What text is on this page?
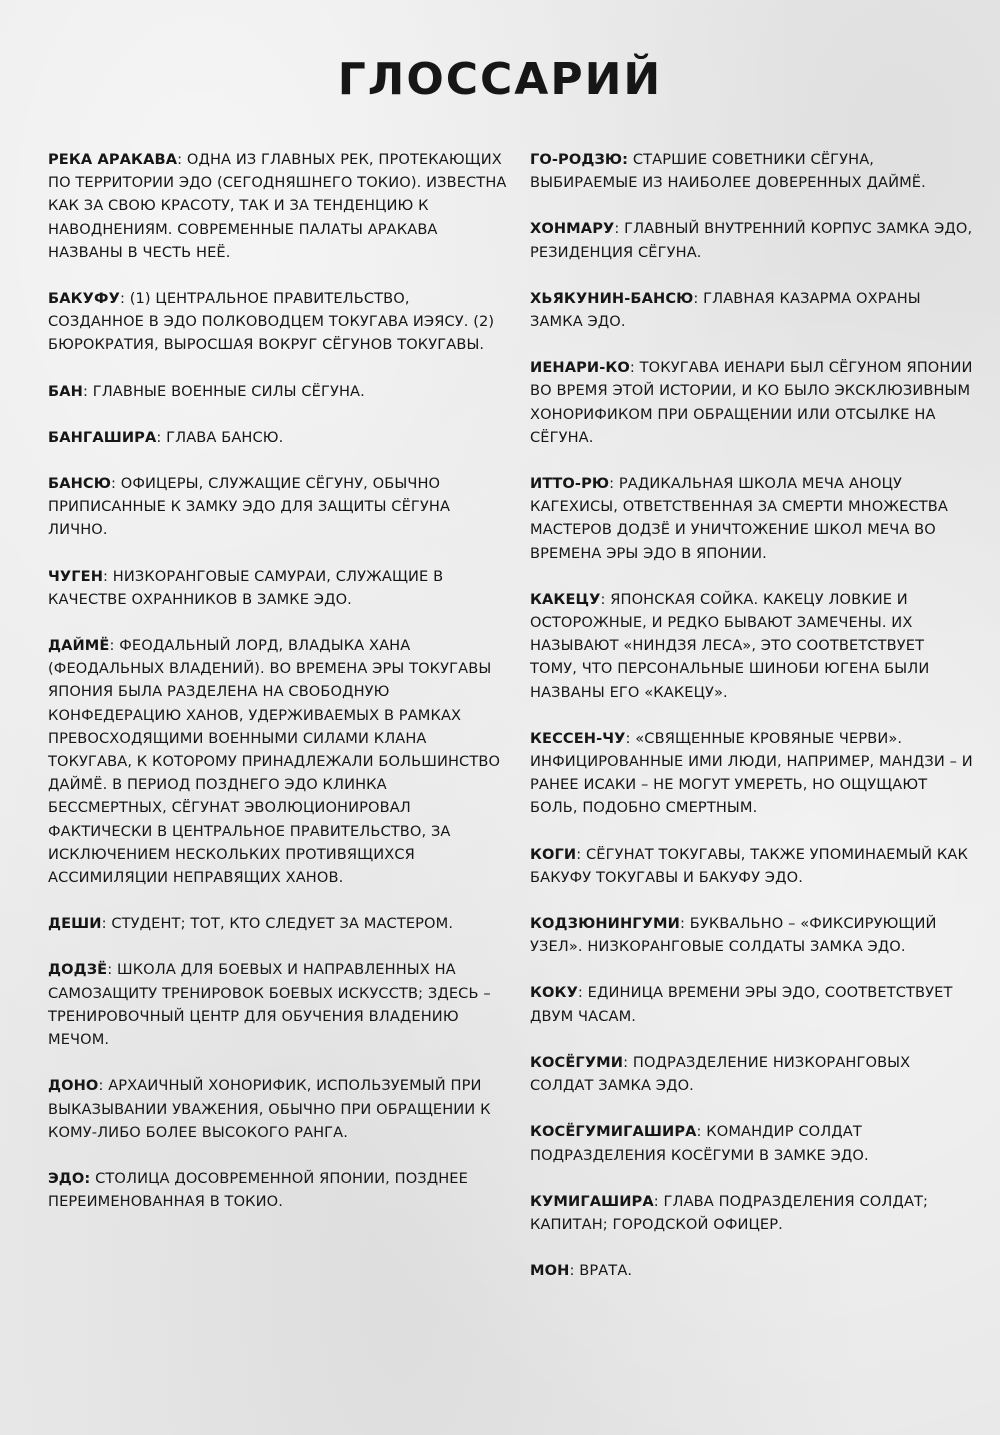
ГЛОССАРИЙ

РЕКА АРАКАВА: ОДНА ИЗ ГЛАВНЫХ РЕК, ПРОТЕКАЮЩИХ ПО ТЕРРИТОРИИ ЭДО (СЕГОДНЯШНЕГО ТОКИО). ИЗВЕСТНА КАК ЗА СВОЮ КРАСОТУ, ТАК И ЗА ТЕНДЕНЦИЮ К НАВОДНЕНИЯМ. СОВРЕМЕННЫЕ ПАЛАТЫ АРАКАВА НАЗВАНЫ В ЧЕСТЬ НЕЁ.

БАКУФУ: (1) ЦЕНТРАЛЬНОЕ ПРАВИТЕЛЬСТВО, СОЗДАННОЕ В ЭДО ПОЛКОВОДЦЕМ ТОКУГАВА ИЭЯСУ. (2) БЮРОКРАТИЯ, ВЫРОСШАЯ ВОКРУГ СЁГУНОВ ТОКУГАВЫ.

БАН: ГЛАВНЫЕ ВОЕННЫЕ СИЛЫ СЁГУНА.

БАНГАШИРА: ГЛАВА БАНСЮ.

БАНСЮ: ОФИЦЕРЫ, СЛУЖАЩИЕ СЁГУНУ, ОБЫЧНО ПРИПИСАННЫЕ К ЗАМКУ ЭДО ДЛЯ ЗАЩИТЫ СЁГУНА ЛИЧНО.

ЧУГЕН: НИЗКОРАНГОВЫЕ САМУРАИ, СЛУЖАЩИЕ В КАЧЕСТВЕ ОХРАННИКОВ В ЗАМКЕ ЭДО.

ДАЙМЁ: ФЕОДАЛЬНЫЙ ЛОРД, ВЛАДЫКА ХАНА (ФЕОДАЛЬНЫХ ВЛАДЕНИЙ). ВО ВРЕМЕНА ЭРЫ ТОКУГАВЫ ЯПОНИЯ БЫЛА РАЗДЕЛЕНА НА СВОБОДНУЮ КОНФЕДЕРАЦИЮ ХАНОВ, УДЕРЖИВАЕМЫХ В РАМКАХ ПРЕВОСХОДЯЩИМИ ВОЕННЫМИ СИЛАМИ КЛАНА ТОКУГАВА, К КОТОРОМУ ПРИНАДЛЕЖАЛИ БОЛЬШИНСТВО ДАЙМЁ. В ПЕРИОД ПОЗДНЕГО ЭДО КЛИНКА БЕССМЕРТНЫХ, СЁГУНАТ ЭВОЛЮЦИОНИРОВАЛ ФАКТИЧЕСКИ В ЦЕНТРАЛЬНОЕ ПРАВИТЕЛЬСТВО, ЗА ИСКЛЮЧЕНИЕМ НЕСКОЛЬКИХ ПРОТИВЯЩИХСЯ АССИМИЛЯЦИИ НЕПРАВЯЩИХ ХАНОВ.

ДЕШИ: СТУДЕНТ; ТОТ, КТО СЛЕДУЕТ ЗА МАСТЕРОМ.

ДОДЗЁ: ШКОЛА ДЛЯ БОЕВЫХ И НАПРАВЛЕННЫХ НА САМОЗАЩИТУ ТРЕНИРОВОК БОЕВЫХ ИСКУССТВ; ЗДЕСЬ – ТРЕНИРОВОЧНЫЙ ЦЕНТР ДЛЯ ОБУЧЕНИЯ ВЛАДЕНИЮ МЕЧОМ.

ДОНО: АРХАИЧНЫЙ ХОНОРИФИК, ИСПОЛЬЗУЕМЫЙ ПРИ ВЫКАЗЫВАНИИ УВАЖЕНИЯ, ОБЫЧНО ПРИ ОБРАЩЕНИИ К КОМУ-ЛИБО БОЛЕЕ ВЫСОКОГО РАНГА.

ЭДО: СТОЛИЦА ДОСОВРЕМЕННОЙ ЯПОНИИ, ПОЗДНЕЕ ПЕРЕИМЕНОВАННАЯ В ТОКИО.

ГО-РОДЗЮ: СТАРШИЕ СОВЕТНИКИ СЁГУНА, ВЫБИРАЕМЫЕ ИЗ НАИБОЛЕЕ ДОВЕРЕННЫХ ДАЙМЁ.

ХОНМАРУ: ГЛАВНЫЙ ВНУТРЕННИЙ КОРПУС ЗАМКА ЭДО, РЕЗИДЕНЦИЯ СЁГУНА.

ХЬЯКУНИН-БАНСЮ: ГЛАВНАЯ КАЗАРМА ОХРАНЫ ЗАМКА ЭДО.

ИЕНАРИ-КО: ТОКУГАВА ИЕНАРИ БЫЛ СЁГУНОМ ЯПОНИИ ВО ВРЕМЯ ЭТОЙ ИСТОРИИ, И КО БЫЛО ЭКСКЛЮЗИВНЫМ ХОНОРИФИКОМ ПРИ ОБРАЩЕНИИ ИЛИ ОТСЫЛКЕ НА СЁГУНА.

ИТТО-РЮ: РАДИКАЛЬНАЯ ШКОЛА МЕЧА АНОЦУ КАГЕХИСЫ, ОТВЕТСТВЕННАЯ ЗА СМЕРТИ МНОЖЕСТВА МАСТЕРОВ ДОДЗЁ И УНИЧТОЖЕНИЕ ШКОЛ МЕЧА ВО ВРЕМЕНА ЭРЫ ЭДО В ЯПОНИИ.

КАКЕЦУ: ЯПОНСКАЯ СОЙКА. КАКЕЦУ ЛОВКИЕ И ОСТОРОЖНЫЕ, И РЕДКО БЫВАЮТ ЗАМЕЧЕНЫ. ИХ НАЗЫВАЮТ «НИНДЗЯ ЛЕСА», ЭТО СООТВЕТСТВУЕТ ТОМУ, ЧТО ПЕРСОНАЛЬНЫЕ ШИНОБИ ЮГЕНА БЫЛИ НАЗВАНЫ ЕГО «КАКЕЦУ».

КЕССЕН-ЧУ: «СВЯЩЕННЫЕ КРОВЯНЫЕ ЧЕРВИ». ИНФИЦИРОВАННЫЕ ИМИ ЛЮДИ, НАПРИМЕР, МАНДЗИ – И РАНЕЕ ИСАКИ – НЕ МОГУТ УМЕРЕТЬ, НО ОЩУЩАЮТ БОЛЬ, ПОДОБНО СМЕРТНЫМ.

КОГИ: СЁГУНАТ ТОКУГАВЫ, ТАКЖЕ УПОМИНАЕМЫЙ КАК БАКУФУ ТОКУГАВЫ И БАКУФУ ЭДО.

КОДЗЮНИНГУМИ: БУКВАЛЬНО – «ФИКСИРУЮЩИЙ УЗЕЛ». НИЗКОРАНГОВЫЕ СОЛДАТЫ ЗАМКА ЭДО.

КОКУ: ЕДИНИЦА ВРЕМЕНИ ЭРЫ ЭДО, СООТВЕТСТВУЕТ ДВУМ ЧАСАМ.

КОСЁГУМИ: ПОДРАЗДЕЛЕНИЕ НИЗКОРАНГОВЫХ СОЛДАТ ЗАМКА ЭДО.

КОСЁГУМИГАШИРА: КОМАНДИР СОЛДАТ ПОДРАЗДЕЛЕНИЯ КОСЁГУМИ В ЗАМКЕ ЭДО.

КУМИГАШИРА: ГЛАВА ПОДРАЗДЕЛЕНИЯ СОЛДАТ; КАПИТАН; ГОРОДСКОЙ ОФИЦЕР.

МОН: ВРАТА.
